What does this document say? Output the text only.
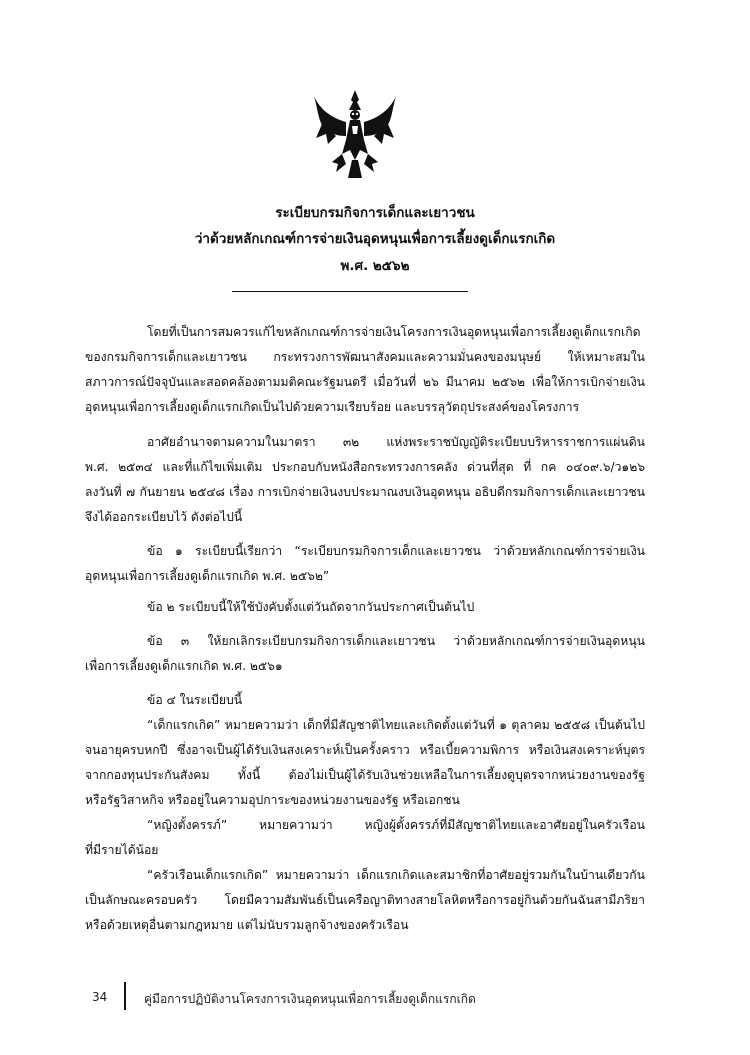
ระเบียบกรมกิจการเด็กและเยาวชน
ว่าด้วยหลักเกณฑ์การจ่ายเงินอุดหนุนเพื่อการเลี้ยงดูเด็กแรกเกิด
พ.ศ. ๒๕๖๒
โดยที่เป็นการสมควรแก้ไขหลักเกณฑ์การจ่ายเงินโครงการเงินอุดหนุนเพื่อการเลี้ยงดูเด็กแรกเกิด
ของกรมกิจการเด็กและเยาวชน กระทรวงการพัฒนาสังคมและความมั่นคงของมนุษย์ ให้เหมาะสมใน
สภาวการณ์ปัจจุบันและสอดคล้องตามมติคณะรัฐมนตรี เมื่อวันที่ ๒๖ มีนาคม ๒๕๖๒ เพื่อให้การเบิกจ่ายเงิน
อุดหนุนเพื่อการเลี้ยงดูเด็กแรกเกิดเป็นไปด้วยความเรียบร้อย และบรรลุวัตถุประสงค์ของโครงการ
อาศัยอำนาจตามความในมาตรา ๓๒ แห่งพระราชบัญญัติระเบียบบริหารราชการแผ่นดิน
พ.ศ. ๒๕๓๔ และที่แก้ไขเพิ่มเติม ประกอบกับหนังสือกระทรวงการคลัง ด่วนที่สุด ที่ กค ๐๔๐๙.๖/ว๑๒๖
ลงวันที่ ๗ กันยายน ๒๕๔๘ เรื่อง การเบิกจ่ายเงินงบประมาณงบเงินอุดหนุน อธิบดีกรมกิจการเด็กและเยาวชน
จึงได้ออกระเบียบไว้ ดังต่อไปนี้
ข้อ ๑ ระเบียบนี้เรียกว่า “ระเบียบกรมกิจการเด็กและเยาวชน ว่าด้วยหลักเกณฑ์การจ่ายเงิน
อุดหนุนเพื่อการเลี้ยงดูเด็กแรกเกิด พ.ศ. ๒๕๖๒”
ข้อ ๒ ระเบียบนี้ให้ใช้บังคับตั้งแต่วันถัดจากวันประกาศเป็นต้นไป
ข้อ ๓ ให้ยกเลิกระเบียบกรมกิจการเด็กและเยาวชน ว่าด้วยหลักเกณฑ์การจ่ายเงินอุดหนุน
เพื่อการเลี้ยงดูเด็กแรกเกิด พ.ศ. ๒๕๖๑
ข้อ ๔ ในระเบียบนี้
“เด็กแรกเกิด” หมายความว่า เด็กที่มีสัญชาติไทยและเกิดตั้งแต่วันที่ ๑ ตุลาคม ๒๕๕๘ เป็นต้นไป
จนอายุครบหกปี ซึ่งอาจเป็นผู้ได้รับเงินสงเคราะห์เป็นครั้งคราว หรือเบี้ยความพิการ หรือเงินสงเคราะห์บุตร
จากกองทุนประกันสังคม ทั้งนี้ ต้องไม่เป็นผู้ได้รับเงินช่วยเหลือในการเลี้ยงดูบุตรจากหน่วยงานของรัฐ
หรือรัฐวิสาหกิจ หรืออยู่ในความอุปการะของหน่วยงานของรัฐ หรือเอกชน
“หญิงตั้งครรภ์” หมายความว่า หญิงผู้ตั้งครรภ์ที่มีสัญชาติไทยและอาศัยอยู่ในครัวเรือน
ที่มีรายได้น้อย
“ครัวเรือนเด็กแรกเกิด” หมายความว่า เด็กแรกเกิดและสมาชิกที่อาศัยอยู่รวมกันในบ้านเดียวกัน
เป็นลักษณะครอบครัว โดยมีความสัมพันธ์เป็นเครือญาติทางสายโลหิตหรือการอยู่กินด้วยกันฉันสามีภริยา
หรือด้วยเหตุอื่นตามกฎหมาย แต่ไม่นับรวมลูกจ้างของครัวเรือน
34	คู่มือการปฏิบัติงานโครงการเงินอุดหนุนเพื่อการเลี้ยงดูเด็กแรกเกิด
